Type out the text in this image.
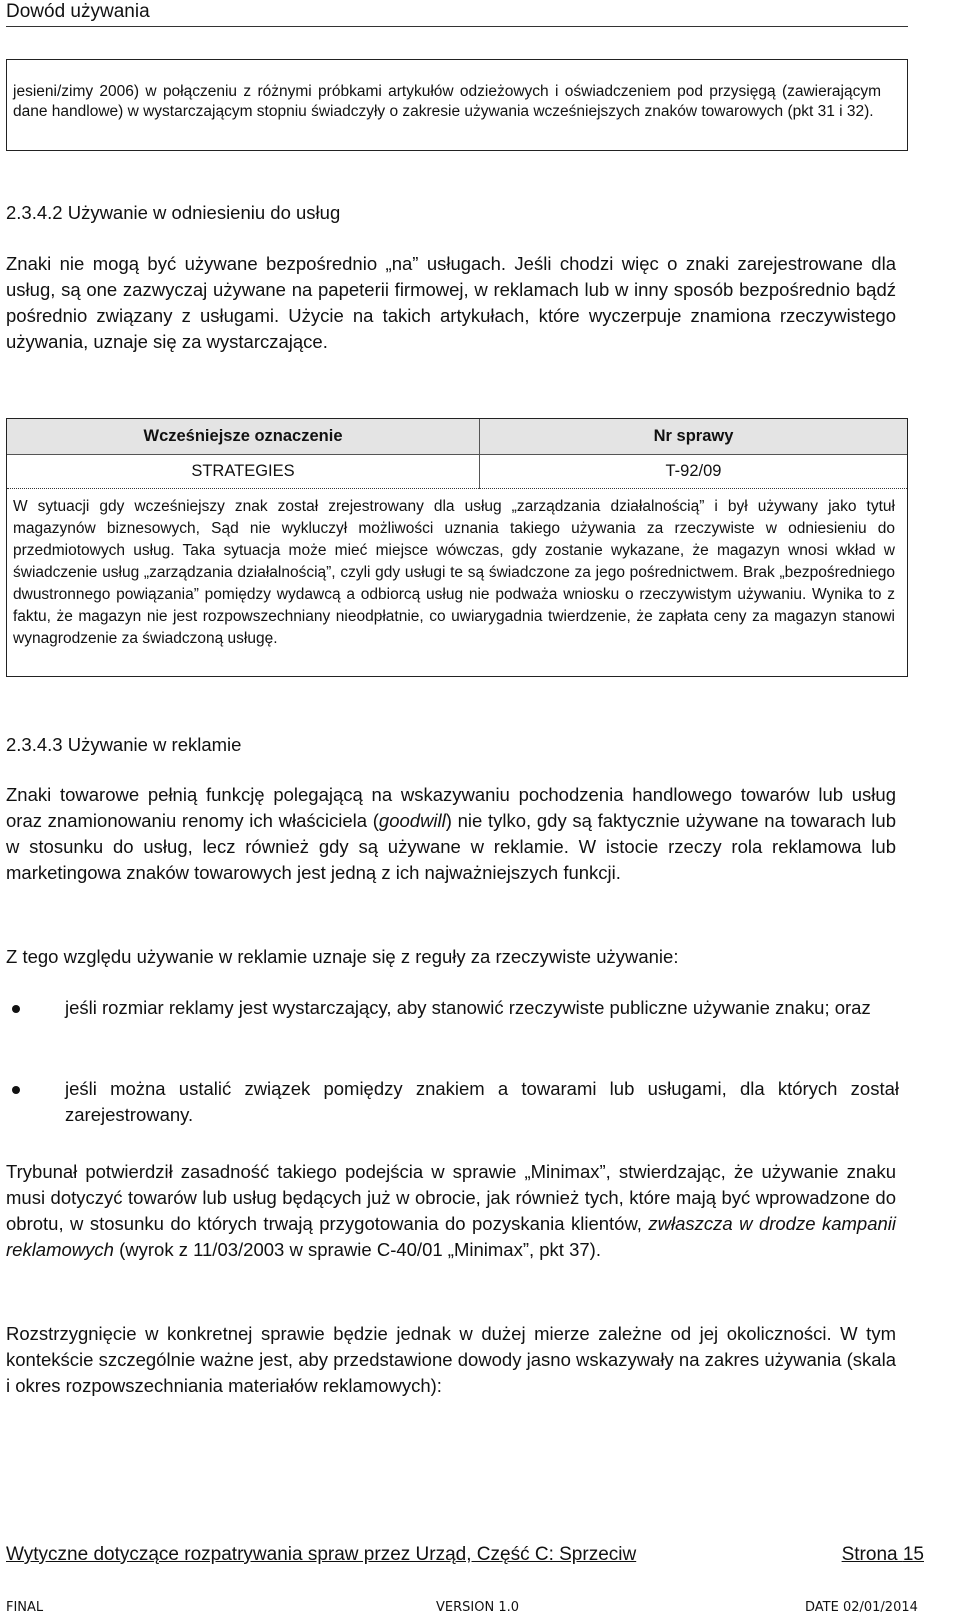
Dowód używania
jesieni/zimy 2006) w połączeniu z różnymi próbkami artykułów odzieżowych i oświadczeniem pod przysięgą (zawierającym dane handlowe) w wystarczającym stopniu świadczyły o zakresie używania wcześniejszych znaków towarowych (pkt 31 i 32).
2.3.4.2 Używanie w odniesieniu do usług
Znaki nie mogą być używane bezpośrednio „na” usługach. Jeśli chodzi więc o znaki zarejestrowane dla usług, są one zazwyczaj używane na papeterii firmowej, w reklamach lub w inny sposób bezpośrednio bądź pośrednio związany z usługami. Użycie na takich artykułach, które wyczerpuje znamiona rzeczywistego używania, uznaje się za wystarczające.
Wcześniejsze oznaczenie	Nr sprawy
STRATEGIES	T-92/09
W sytuacji gdy wcześniejszy znak został zrejestrowany dla usług „zarządzania działalnością” i był używany jako tytuł magazynów biznesowych, Sąd nie wykluczył możliwości uznania takiego używania za rzeczywiste w odniesieniu do przedmiotowych usług. Taka sytuacja może mieć miejsce wówczas, gdy zostanie wykazane, że magazyn wnosi wkład w świadczenie usług „zarządzania działalnością”, czyli gdy usługi te są świadczone za jego pośrednictwem. Brak „bezpośredniego dwustronnego powiązania” pomiędzy wydawcą a odbiorcą usług nie podważa wniosku o rzeczywistym używaniu. Wynika to z faktu, że magazyn nie jest rozpowszechniany nieodpłatnie, co uwiarygadnia twierdzenie, że zapłata ceny za magazyn stanowi wynagrodzenie za świadczoną usługę.
2.3.4.3 Używanie w reklamie
Znaki towarowe pełnią funkcję polegającą na wskazywaniu pochodzenia handlowego towarów lub usług oraz znamionowaniu renomy ich właściciela (goodwill) nie tylko, gdy są faktycznie używane na towarach lub w stosunku do usług, lecz również gdy są używane w reklamie. W istocie rzeczy rola reklamowa lub marketingowa znaków towarowych jest jedną z ich najważniejszych funkcji.
Z tego względu używanie w reklamie uznaje się z reguły za rzeczywiste używanie:
jeśli rozmiar reklamy jest wystarczający, aby stanowić rzeczywiste publiczne używanie znaku; oraz
jeśli można ustalić związek pomiędzy znakiem a towarami lub usługami, dla których został zarejestrowany.
Trybunał potwierdził zasadność takiego podejścia w sprawie „Minimax”, stwierdzając, że używanie znaku musi dotyczyć towarów lub usług będących już w obrocie, jak również tych, które mają być wprowadzone do obrotu, w stosunku do których trwają przygotowania do pozyskania klientów, zwłaszcza w drodze kampanii reklamowych (wyrok z 11/03/2003 w sprawie C-40/01 „Minimax”, pkt 37).
Rozstrzygnięcie w konkretnej sprawie będzie jednak w dużej mierze zależne od jej okoliczności. W tym kontekście szczególnie ważne jest, aby przedstawione dowody jasno wskazywały na zakres używania (skala i okres rozpowszechniania materiałów reklamowych):
Wytyczne dotyczące rozpatrywania spraw przez Urząd, Część C: Sprzeciw	Strona 15
FINAL	VERSION 1.0	DATE 02/01/2014
